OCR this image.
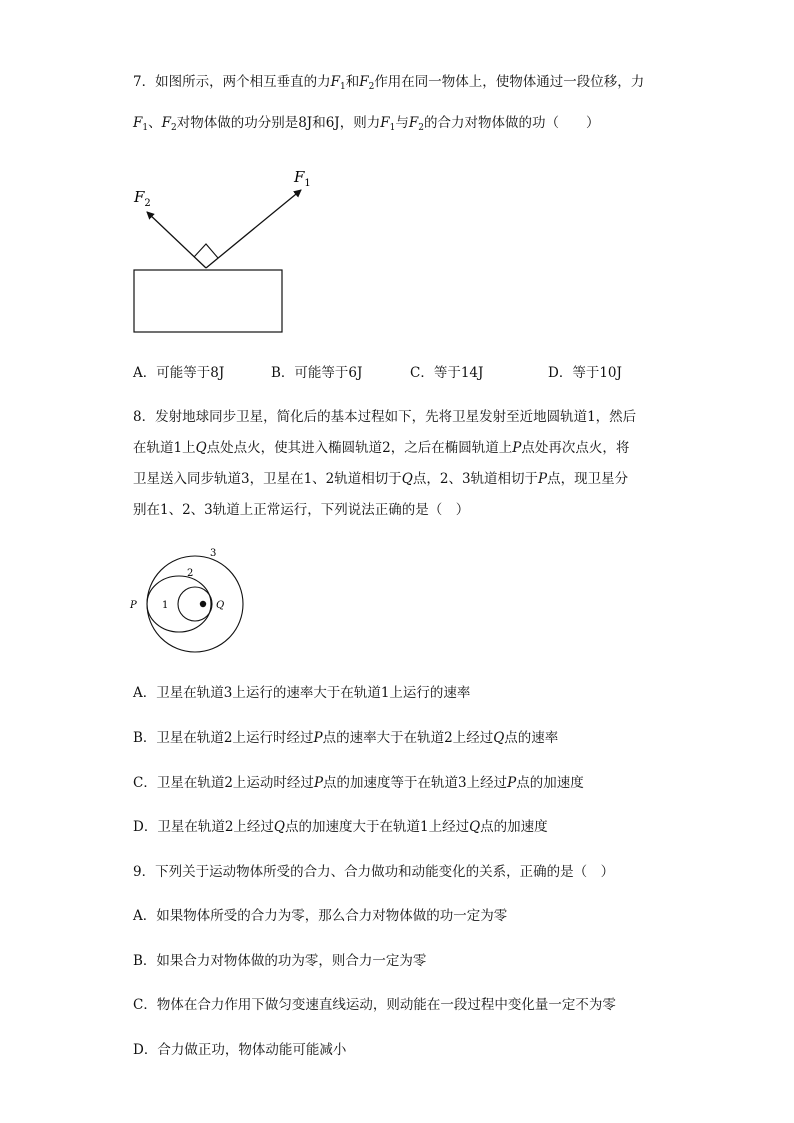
7．如图所示，两个相互垂直的力$F_1$和$F_2$作用在同一物体上，使物体通过一段位移，力
$F_1$、$F_2$对物体做的功分别是8J和6J，则力$F_1$与$F_2$的合力对物体做的功（　　）
$F_1$
$F_2$
A．可能等于8J	B．可能等于6J	C．等于14J	D．等于10J
8．发射地球同步卫星，简化后的基本过程如下，先将卫星发射至近地圆轨道1，然后
在轨道1上Q点处点火，使其进入椭圆轨道2，之后在椭圆轨道上P点处再次点火，将
卫星送入同步轨道3，卫星在1、2轨道相切于Q点，2、3轨道相切于P点，现卫星分
别在1、2、3轨道上正常运行，下列说法正确的是（　）
3
2
1
P	Q
A．卫星在轨道3上运行的速率大于在轨道1上运行的速率
B．卫星在轨道2上运行时经过P点的速率大于在轨道2上经过Q点的速率
C．卫星在轨道2上运动时经过P点的加速度等于在轨道3上经过P点的加速度
D．卫星在轨道2上经过Q点的加速度大于在轨道1上经过Q点的加速度
9．下列关于运动物体所受的合力、合力做功和动能变化的关系，正确的是（　）
A．如果物体所受的合力为零，那么合力对物体做的功一定为零
B．如果合力对物体做的功为零，则合力一定为零
C．物体在合力作用下做匀变速直线运动，则动能在一段过程中变化量一定不为零
D．合力做正功，物体动能可能减小
